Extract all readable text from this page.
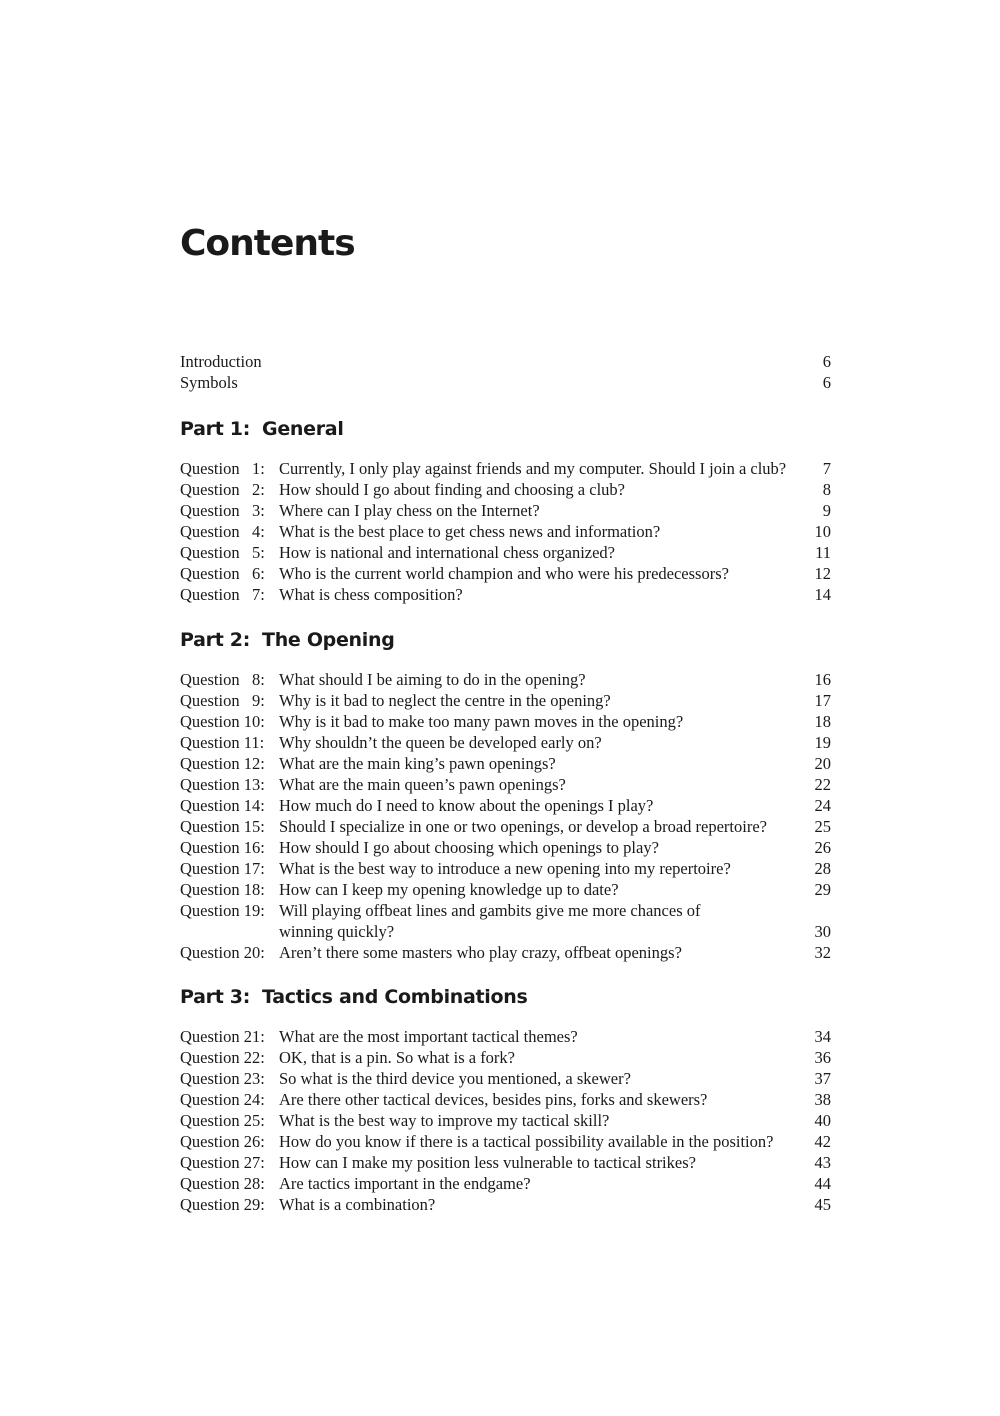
Contents
Introduction	6
Symbols	6
Part 1: General
Question   1: Currently, I only play against friends and my computer. Should I join a club? 7
Question   2: How should I go about finding and choosing a club?	8
Question   3: Where can I play chess on the Internet?	9
Question   4: What is the best place to get chess news and information?	10
Question   5: How is national and international chess organized?	11
Question   6: Who is the current world champion and who were his predecessors?	12
Question   7: What is chess composition?	14
Part 2: The Opening
Question   8: What should I be aiming to do in the opening?	16
Question   9: Why is it bad to neglect the centre in the opening?	17
Question 10: Why is it bad to make too many pawn moves in the opening?	18
Question 11: Why shouldn’t the queen be developed early on?	19
Question 12: What are the main king’s pawn openings?	20
Question 13: What are the main queen’s pawn openings?	22
Question 14: How much do I need to know about the openings I play?	24
Question 15: Should I specialize in one or two openings, or develop a broad repertoire?	25
Question 16: How should I go about choosing which openings to play?	26
Question 17: What is the best way to introduce a new opening into my repertoire?	28
Question 18: How can I keep my opening knowledge up to date?	29
Question 19: Will playing offbeat lines and gambits give me more chances of winning quickly?	30
Question 20: Aren’t there some masters who play crazy, offbeat openings?	32
Part 3: Tactics and Combinations
Question 21: What are the most important tactical themes?	34
Question 22: OK, that is a pin. So what is a fork?	36
Question 23: So what is the third device you mentioned, a skewer?	37
Question 24: Are there other tactical devices, besides pins, forks and skewers?	38
Question 25: What is the best way to improve my tactical skill?	40
Question 26: How do you know if there is a tactical possibility available in the position? 42
Question 27: How can I make my position less vulnerable to tactical strikes?	43
Question 28: Are tactics important in the endgame?	44
Question 29: What is a combination?	45
